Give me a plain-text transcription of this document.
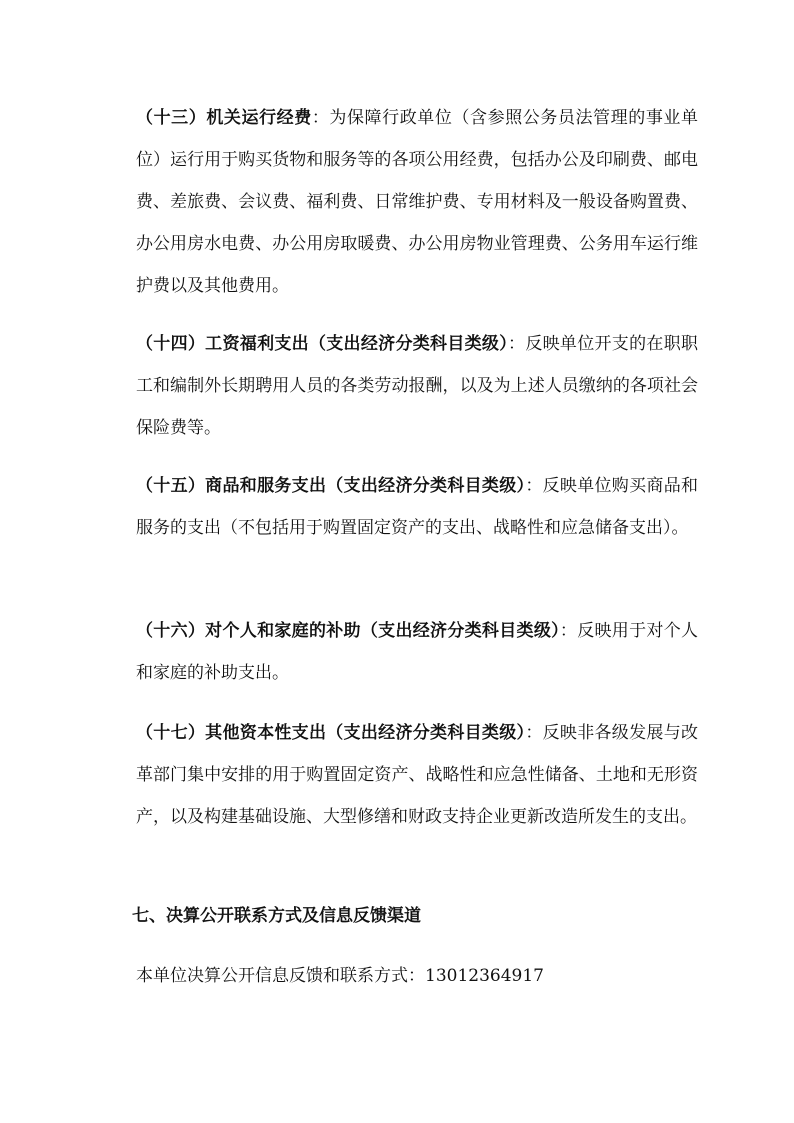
（十三）机关运行经费：为保障行政单位（含参照公务员法管理的事业单位）运行用于购买货物和服务等的各项公用经费，包括办公及印刷费、邮电费、差旅费、会议费、福利费、日常维护费、专用材料及一般设备购置费、办公用房水电费、办公用房取暖费、办公用房物业管理费、公务用车运行维护费以及其他费用。

（十四）工资福利支出（支出经济分类科目类级）：反映单位开支的在职职工和编制外长期聘用人员的各类劳动报酬，以及为上述人员缴纳的各项社会保险费等。

（十五）商品和服务支出（支出经济分类科目类级）：反映单位购买商品和服务的支出（不包括用于购置固定资产的支出、战略性和应急储备支出）。

（十六）对个人和家庭的补助（支出经济分类科目类级）：反映用于对个人和家庭的补助支出。

（十七）其他资本性支出（支出经济分类科目类级）：反映非各级发展与改革部门集中安排的用于购置固定资产、战略性和应急性储备、土地和无形资产，以及构建基础设施、大型修缮和财政支持企业更新改造所发生的支出。

七、决算公开联系方式及信息反馈渠道

本单位决算公开信息反馈和联系方式：13012364917
